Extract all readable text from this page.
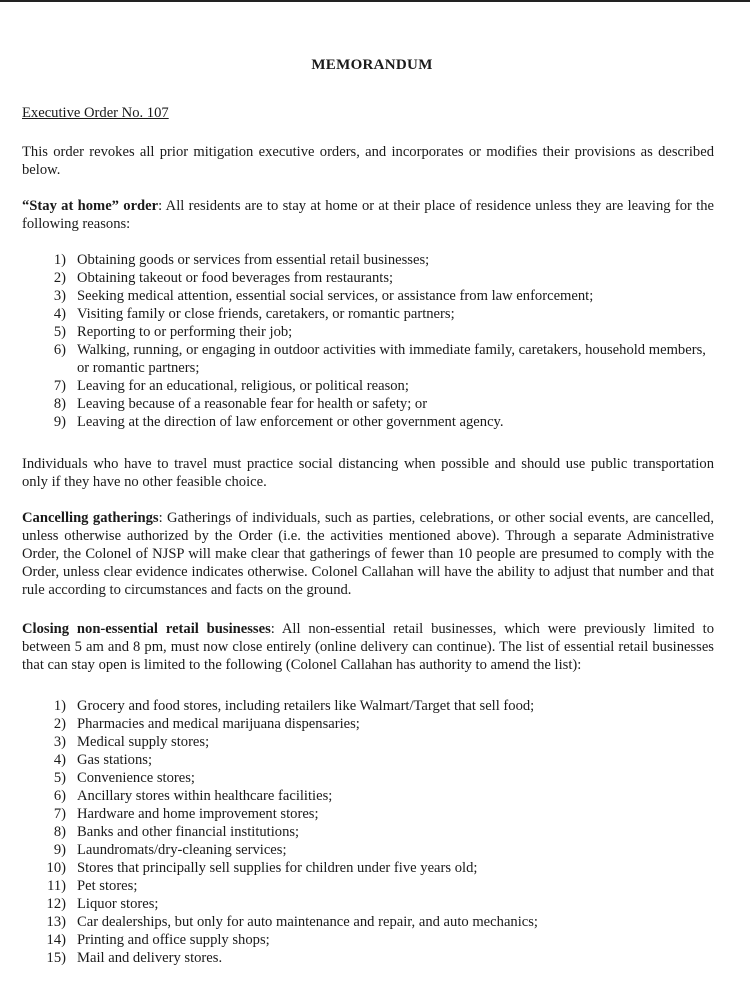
MEMORANDUM
Executive Order No. 107
This order revokes all prior mitigation executive orders, and incorporates or modifies their provisions as described below.
“Stay at home” order: All residents are to stay at home or at their place of residence unless they are leaving for the following reasons:
1) Obtaining goods or services from essential retail businesses;
2) Obtaining takeout or food beverages from restaurants;
3) Seeking medical attention, essential social services, or assistance from law enforcement;
4) Visiting family or close friends, caretakers, or romantic partners;
5) Reporting to or performing their job;
6) Walking, running, or engaging in outdoor activities with immediate family, caretakers, household members, or romantic partners;
7) Leaving for an educational, religious, or political reason;
8) Leaving because of a reasonable fear for health or safety; or
9) Leaving at the direction of law enforcement or other government agency.
Individuals who have to travel must practice social distancing when possible and should use public transportation only if they have no other feasible choice.
Cancelling gatherings: Gatherings of individuals, such as parties, celebrations, or other social events, are cancelled, unless otherwise authorized by the Order (i.e. the activities mentioned above). Through a separate Administrative Order, the Colonel of NJSP will make clear that gatherings of fewer than 10 people are presumed to comply with the Order, unless clear evidence indicates otherwise. Colonel Callahan will have the ability to adjust that number and that rule according to circumstances and facts on the ground.
Closing non-essential retail businesses: All non-essential retail businesses, which were previously limited to between 5 am and 8 pm, must now close entirely (online delivery can continue). The list of essential retail businesses that can stay open is limited to the following (Colonel Callahan has authority to amend the list):
1) Grocery and food stores, including retailers like Walmart/Target that sell food;
2) Pharmacies and medical marijuana dispensaries;
3) Medical supply stores;
4) Gas stations;
5) Convenience stores;
6) Ancillary stores within healthcare facilities;
7) Hardware and home improvement stores;
8) Banks and other financial institutions;
9) Laundromats/dry-cleaning services;
10) Stores that principally sell supplies for children under five years old;
11) Pet stores;
12) Liquor stores;
13) Car dealerships, but only for auto maintenance and repair, and auto mechanics;
14) Printing and office supply shops;
15) Mail and delivery stores.
